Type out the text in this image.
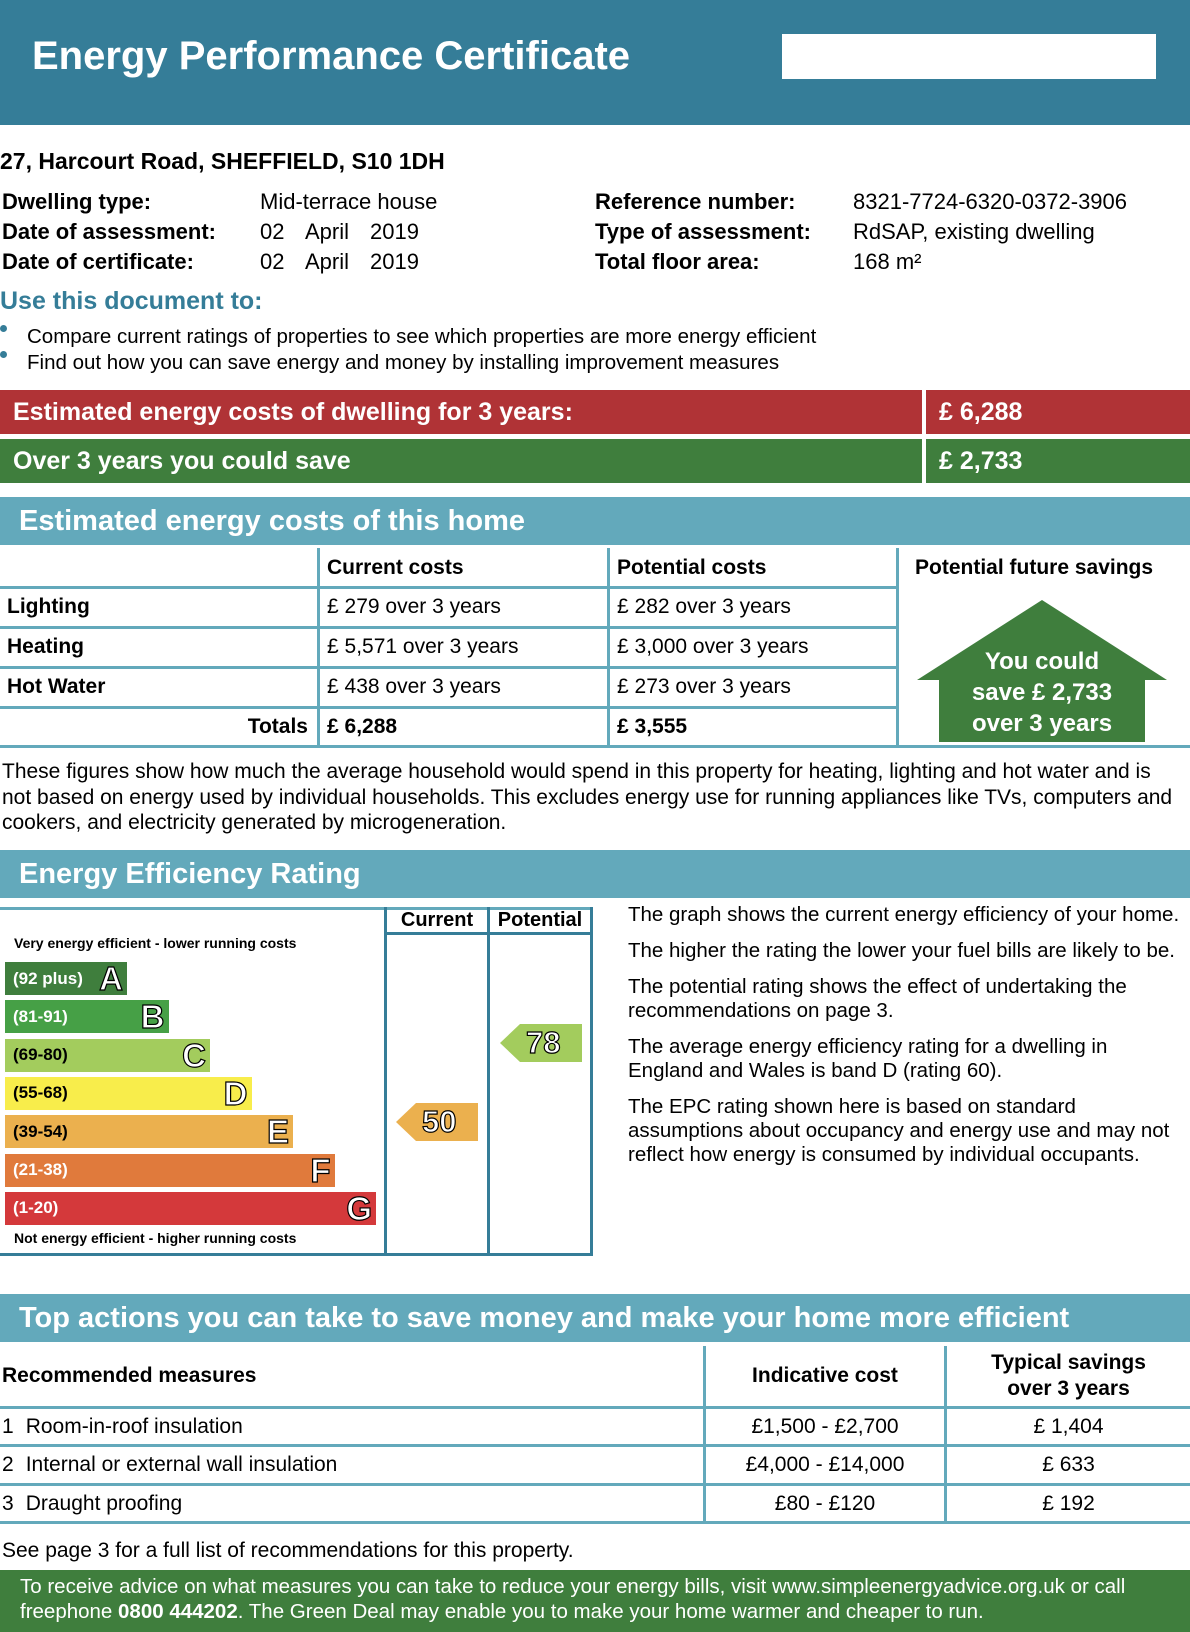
Energy Performance Certificate
27, Harcourt Road, SHEFFIELD, S10 1DH
Dwelling type:	Mid-terrace house
Date of assessment: 02 April 2019
Date of certificate:	02 April 2019
Reference number:	8321-7724-6320-0372-3906
Type of assessment: RdSAP, existing dwelling
Total floor area:	168 m²
Use this document to:
Compare current ratings of properties to see which properties are more energy efficient
Find out how you can save energy and money by installing improvement measures
Estimated energy costs of dwelling for 3 years:	£ 6,288
Over 3 years you could save	£ 2,733
Estimated energy costs of this home
Current costs	Potential costs	Potential future savings
Lighting	£ 279 over 3 years	£ 282 over 3 years
Heating	£ 5,571 over 3 years	£ 3,000 over 3 years
Hot Water	£ 438 over 3 years	£ 273 over 3 years
Totals £ 6,288	£ 3,555
You could
save £ 2,733
over 3 years
These figures show how much the average household would spend in this property for heating, lighting and hot water and is not based on energy used by individual households. This excludes energy use for running appliances like TVs, computers and cookers, and electricity generated by microgeneration.
Energy Efficiency Rating
Current	Potential
Very energy efficient - lower running costs
Not energy efficient - higher running costs
(92 plus) A
(81-91) B
(69-80)	C
(55-68)	D
(39-54)	E
(21-38)	F
(1-20)	G
50
78

The graph shows the current energy efficiency of your home.

The higher the rating the lower your fuel bills are likely to be.

The potential rating shows the effect of undertaking the recommendations on page 3.

The average energy efficiency rating for a dwelling in England and Wales is band D (rating 60).

The EPC rating shown here is based on standard assumptions about occupancy and energy use and may not reflect how energy is consumed by individual occupants.

Top actions you can take to save money and make your home more efficient
Recommended measures	Indicative cost
Typical savings
over 3 years
1 Room-in-roof insulation	£1,500 - £2,700	£ 1,404
2 Internal or external wall insulation	£4,000 - £14,000	£ 633
3 Draught proofing	£80 - £120	£ 192
See page 3 for a full list of recommendations for this property.
To receive advice on what measures you can take to reduce your energy bills, visit www.simpleenergyadvice.org.uk or call freephone 0800 444202. The Green Deal may enable you to make your home warmer and cheaper to run.
